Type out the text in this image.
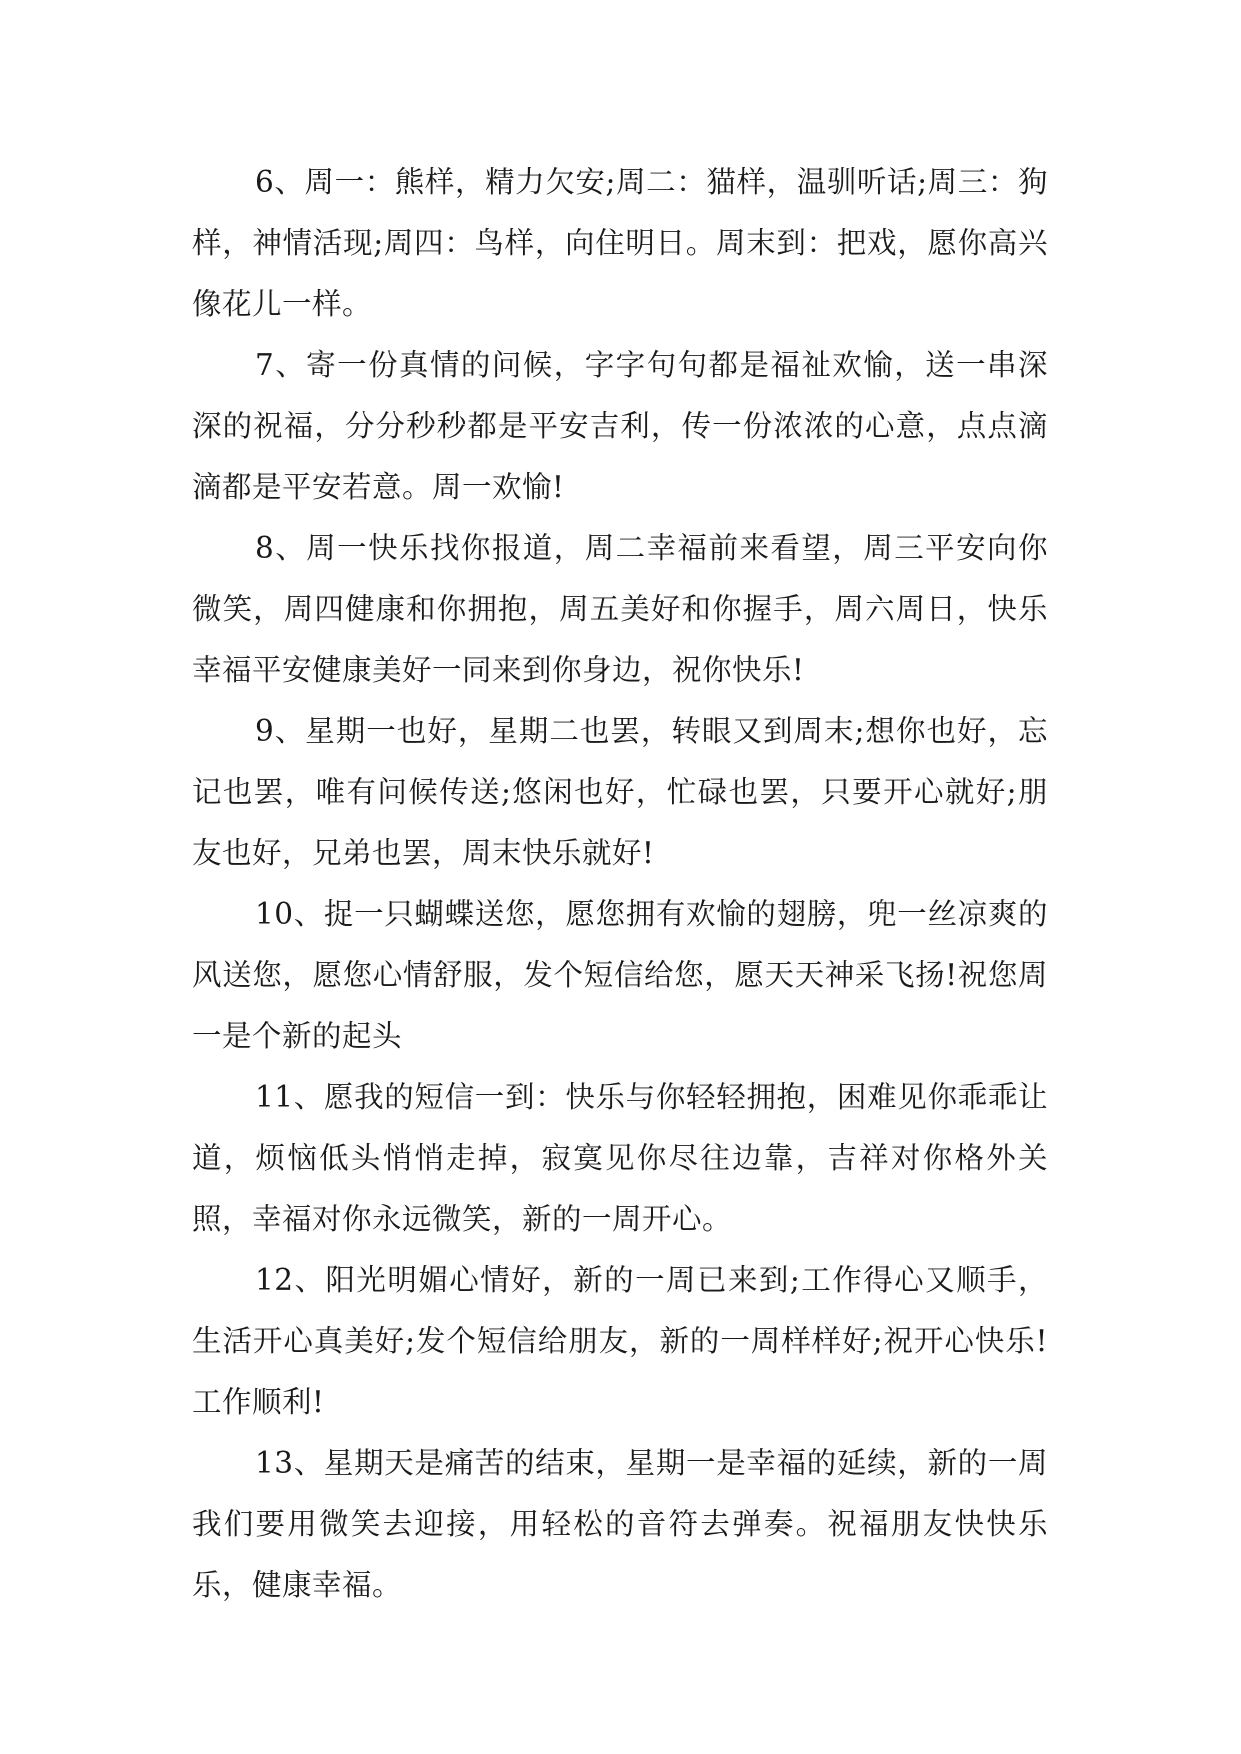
6、周一：熊样，精力欠安;周二：猫样，温驯听话;周三：狗样，神情活现;周四：鸟样，向住明日。周末到：把戏，愿你高兴像花儿一样。

7、寄一份真情的问候，字字句句都是福祉欢愉，送一串深深的祝福，分分秒秒都是平安吉利，传一份浓浓的心意，点点滴滴都是平安若意。周一欢愉!

8、周一快乐找你报道，周二幸福前来看望，周三平安向你微笑，周四健康和你拥抱，周五美好和你握手，周六周日，快乐幸福平安健康美好一同来到你身边，祝你快乐!

9、星期一也好，星期二也罢，转眼又到周末;想你也好，忘记也罢，唯有问候传送;悠闲也好，忙碌也罢，只要开心就好;朋友也好，兄弟也罢，周末快乐就好!

10、捉一只蝴蝶送您，愿您拥有欢愉的翅膀，兜一丝凉爽的风送您，愿您心情舒服，发个短信给您，愿天天神采飞扬!祝您周一是个新的起头

11、愿我的短信一到：快乐与你轻轻拥抱，困难见你乖乖让道，烦恼低头悄悄走掉，寂寞见你尽往边靠，吉祥对你格外关照，幸福对你永远微笑，新的一周开心。

12、阳光明媚心情好，新的一周已来到;工作得心又顺手，生活开心真美好;发个短信给朋友，新的一周样样好;祝开心快乐!工作顺利!

13、星期天是痛苦的结束，星期一是幸福的延续，新的一周我们要用微笑去迎接，用轻松的音符去弹奏。祝福朋友快快乐乐，健康幸福。
